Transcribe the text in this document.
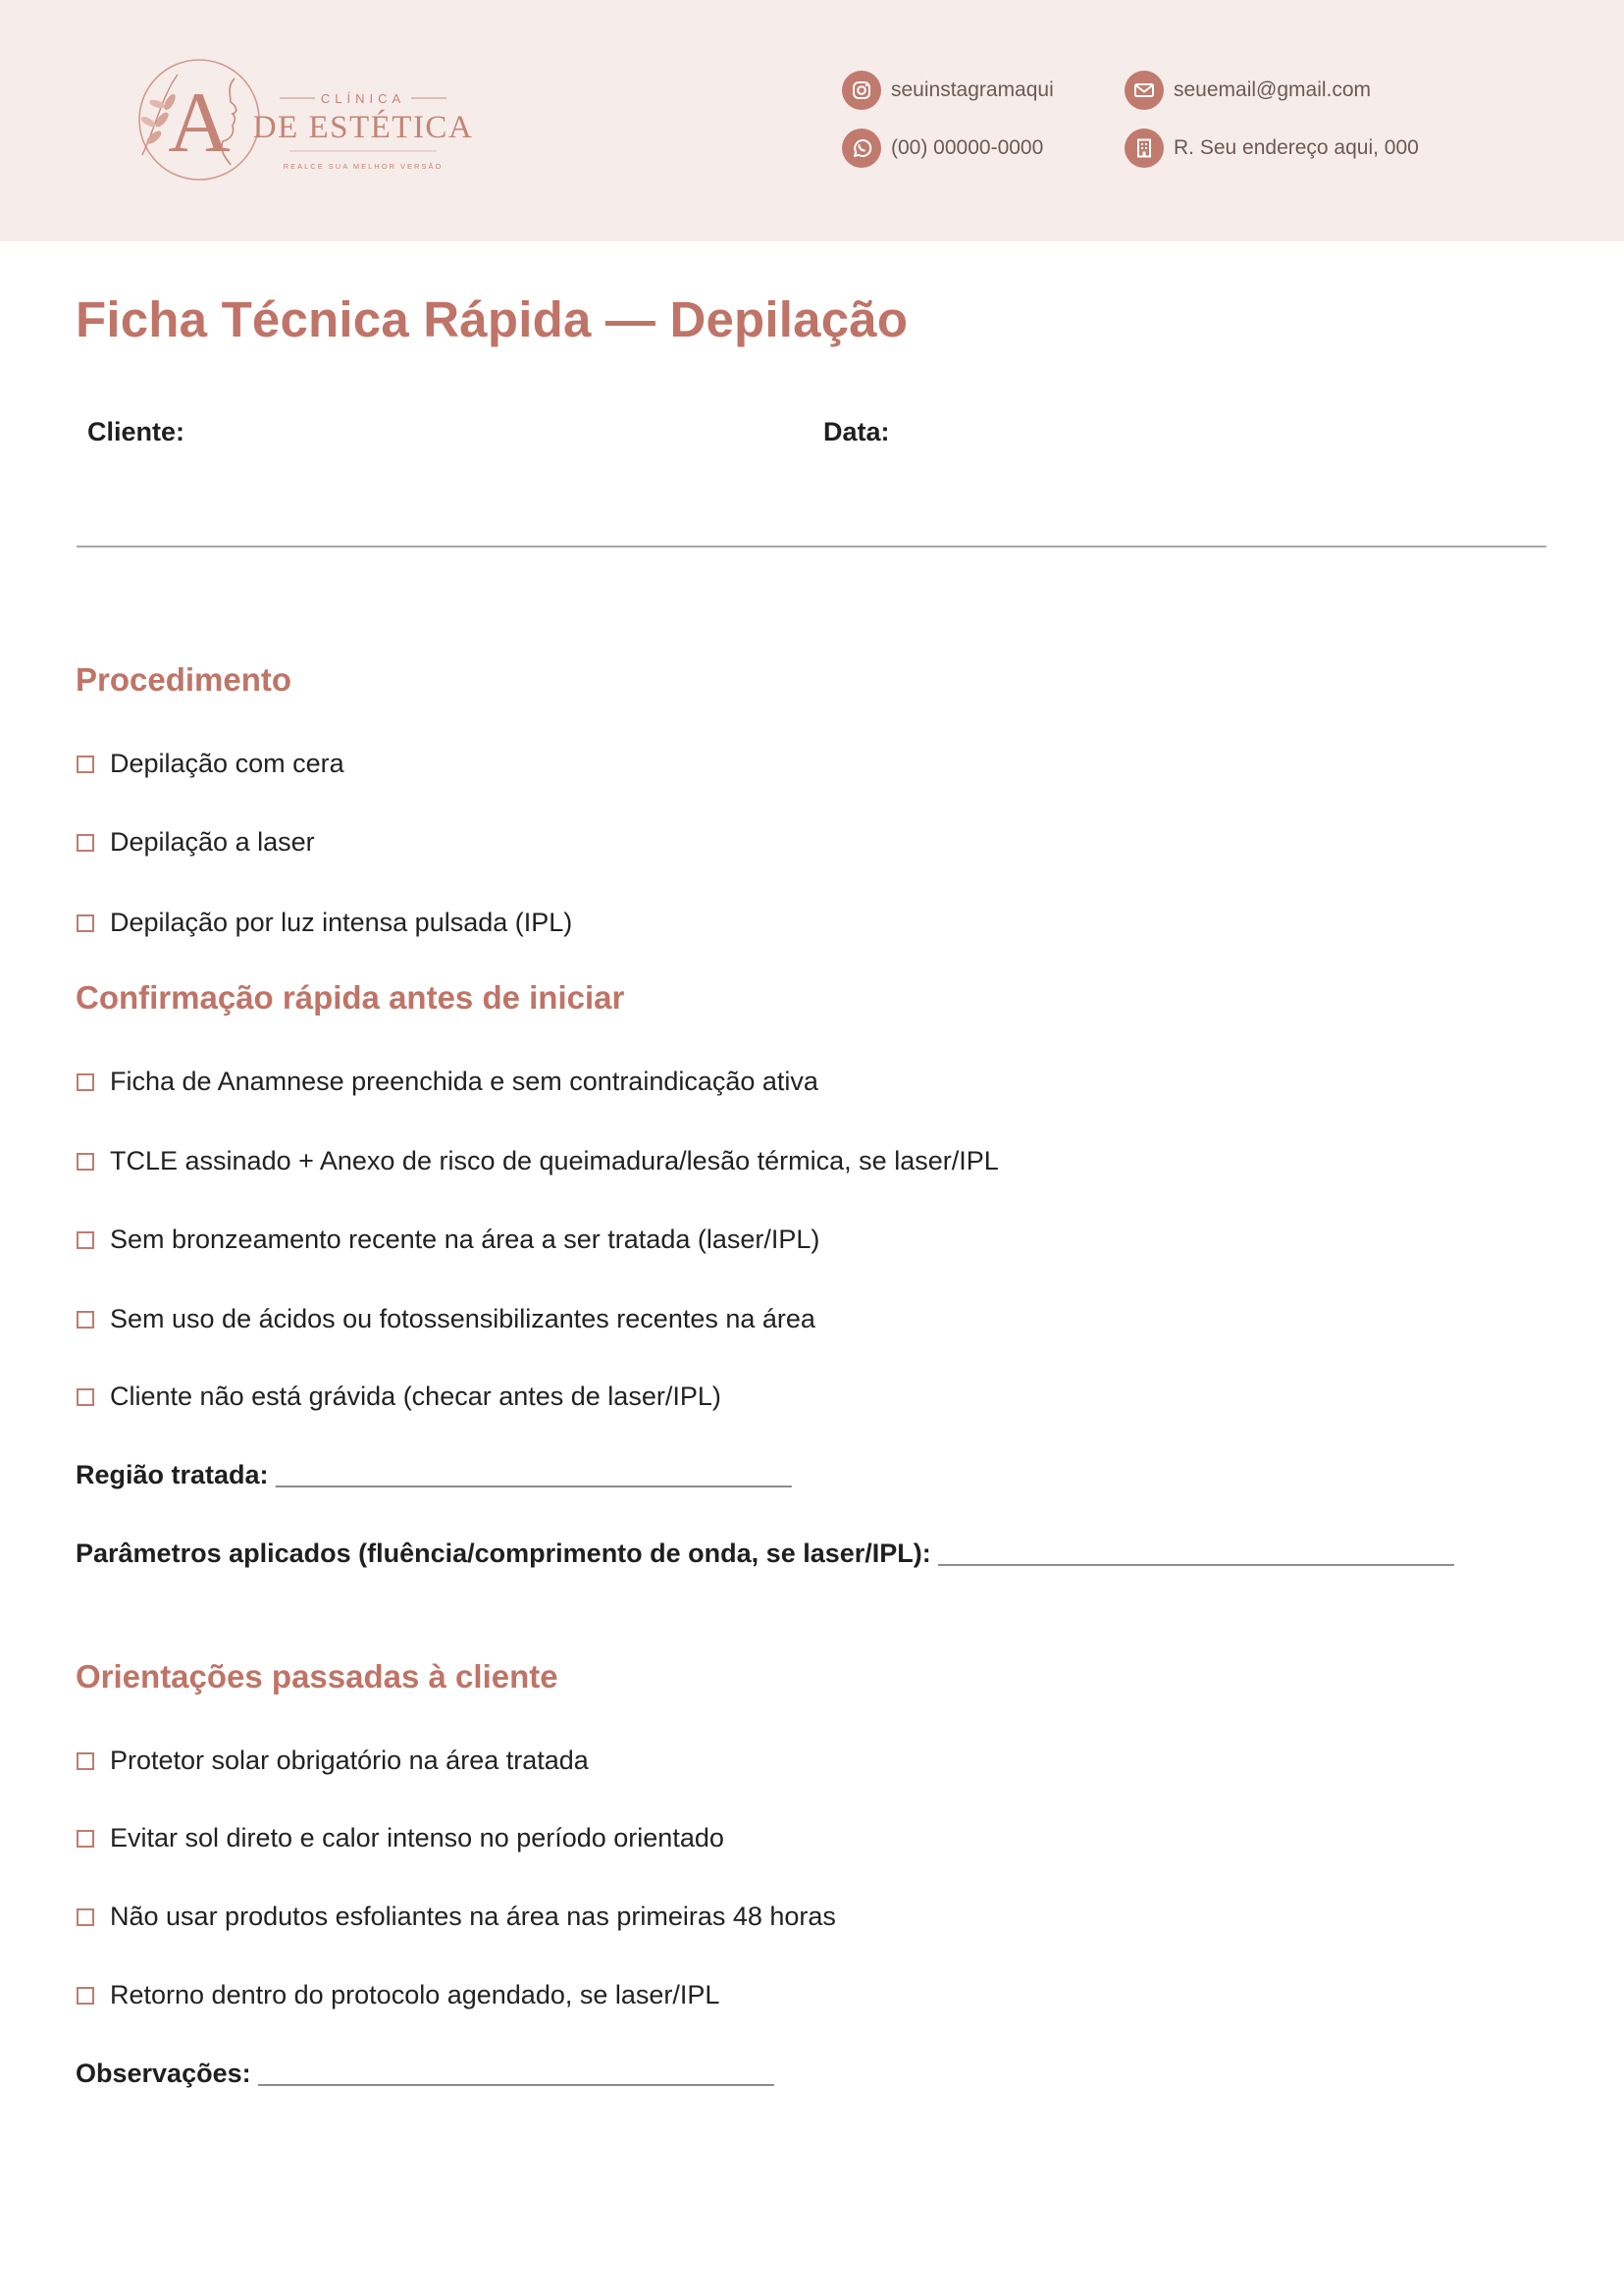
A	CLÍNICA
DE ESTÉTICA
REALCE SUA MELHOR VERSÃO
seuinstagramaqui	seuemail@gmail.com
(00) 00000-0000	R. Seu endereço aqui, 000
Ficha Técnica Rápida — Depilação
Cliente:	Data:
Procedimento
Depilação com cera
Depilação a laser
Depilação por luz intensa pulsada (IPL)
Confirmação rápida antes de iniciar
Ficha de Anamnese preenchida e sem contraindicação ativa
TCLE assinado + Anexo de risco de queimadura/lesão térmica, se laser/IPL
Sem bronzeamento recente na área a ser tratada (laser/IPL)
Sem uso de ácidos ou fotossensibilizantes recentes na área
Cliente não está grávida (checar antes de laser/IPL)
Região tratada: ___________________________________
Parâmetros aplicados (fluência/comprimento de onda, se laser/IPL): ___________________________________
Orientações passadas à cliente
Protetor solar obrigatório na área tratada
Evitar sol direto e calor intenso no período orientado
Não usar produtos esfoliantes na área nas primeiras 48 horas
Retorno dentro do protocolo agendado, se laser/IPL
Observações: ___________________________________
